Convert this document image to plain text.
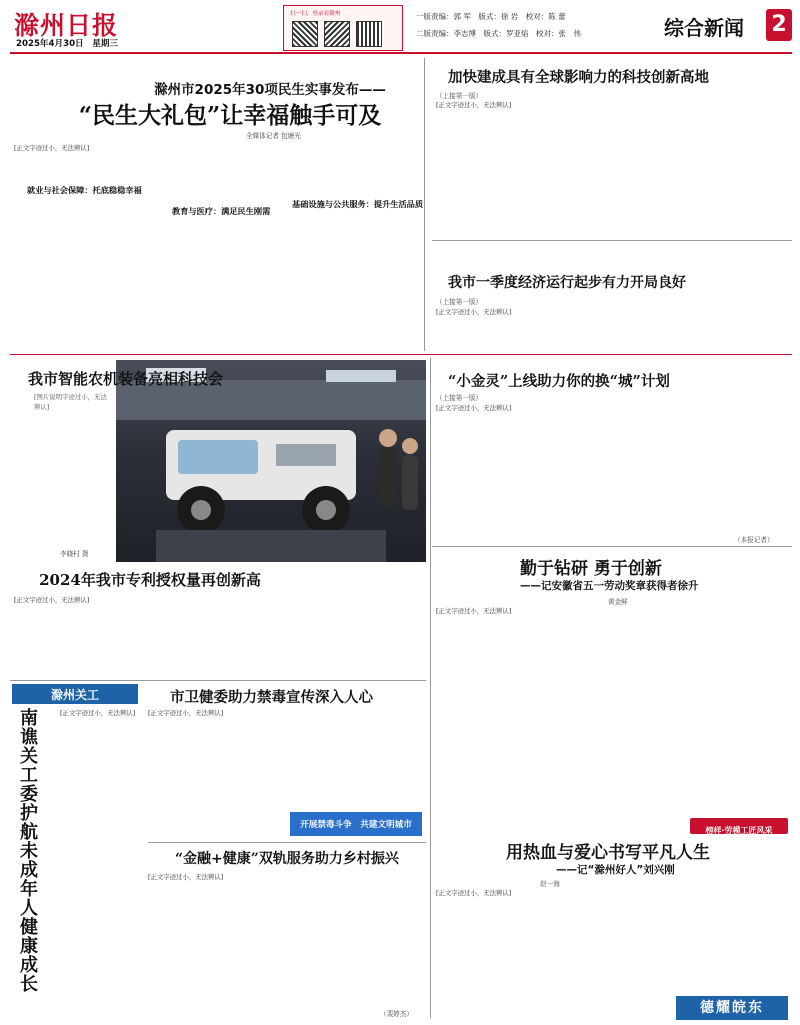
滁州日报
2025年4月30日　星期三
扫一扫，登录看滁州	一版责编：郭 军　版式：徐 岩　校对：陈 蕾
二版责编：李志博　版式：罗亚焰　校对：张　伟	综合新闻 2
滁州市2025年30项民生实事发布——
“民生大礼包”让幸福触手可及
全媒体记者 包塘光
[正文字迹过小，无法辨认]
就业与社会保障：托底稳稳幸福
教育与医疗：满足民生刚需
基础设施与公共服务：提升生活品质
加快建成具有全球影响力的科技创新高地
（上接第一版）
[正文字迹过小，无法辨认]
我市一季度经济运行起步有力开局良好
（上接第一版）
[正文字迹过小，无法辨认]
我市智能农机装备亮相科技会
[图片说明字迹过小，无法辨认]
李晓村 摄
“小金灵”上线助力你的换“城”计划
（上接第一版）
[正文字迹过小，无法辨认]
（本报记者）
勤于钻研 勇于创新
——记安徽省五一劳动奖章获得者徐升
黄金鲜
[正文字迹过小，无法辨认]
2024年我市专利授权量再创新高
[正文字迹过小，无法辨认]
滁州关工
南谯关工委护航未成年人健康成长	[正文字迹过小，无法辨认]
市卫健委助力禁毒宣传深入人心
[正文字迹过小，无法辨认]
开展禁毒斗争　共建文明城市
“金融+健康”双轨服务助力乡村振兴
[正文字迹过小，无法辨认]
（裴婷杰）
榜样·劳模工匠风采
用热血与爱心书写平凡人生
——记“滁州好人”刘兴刚
赵一海
[正文字迹过小，无法辨认]
德耀皖东
